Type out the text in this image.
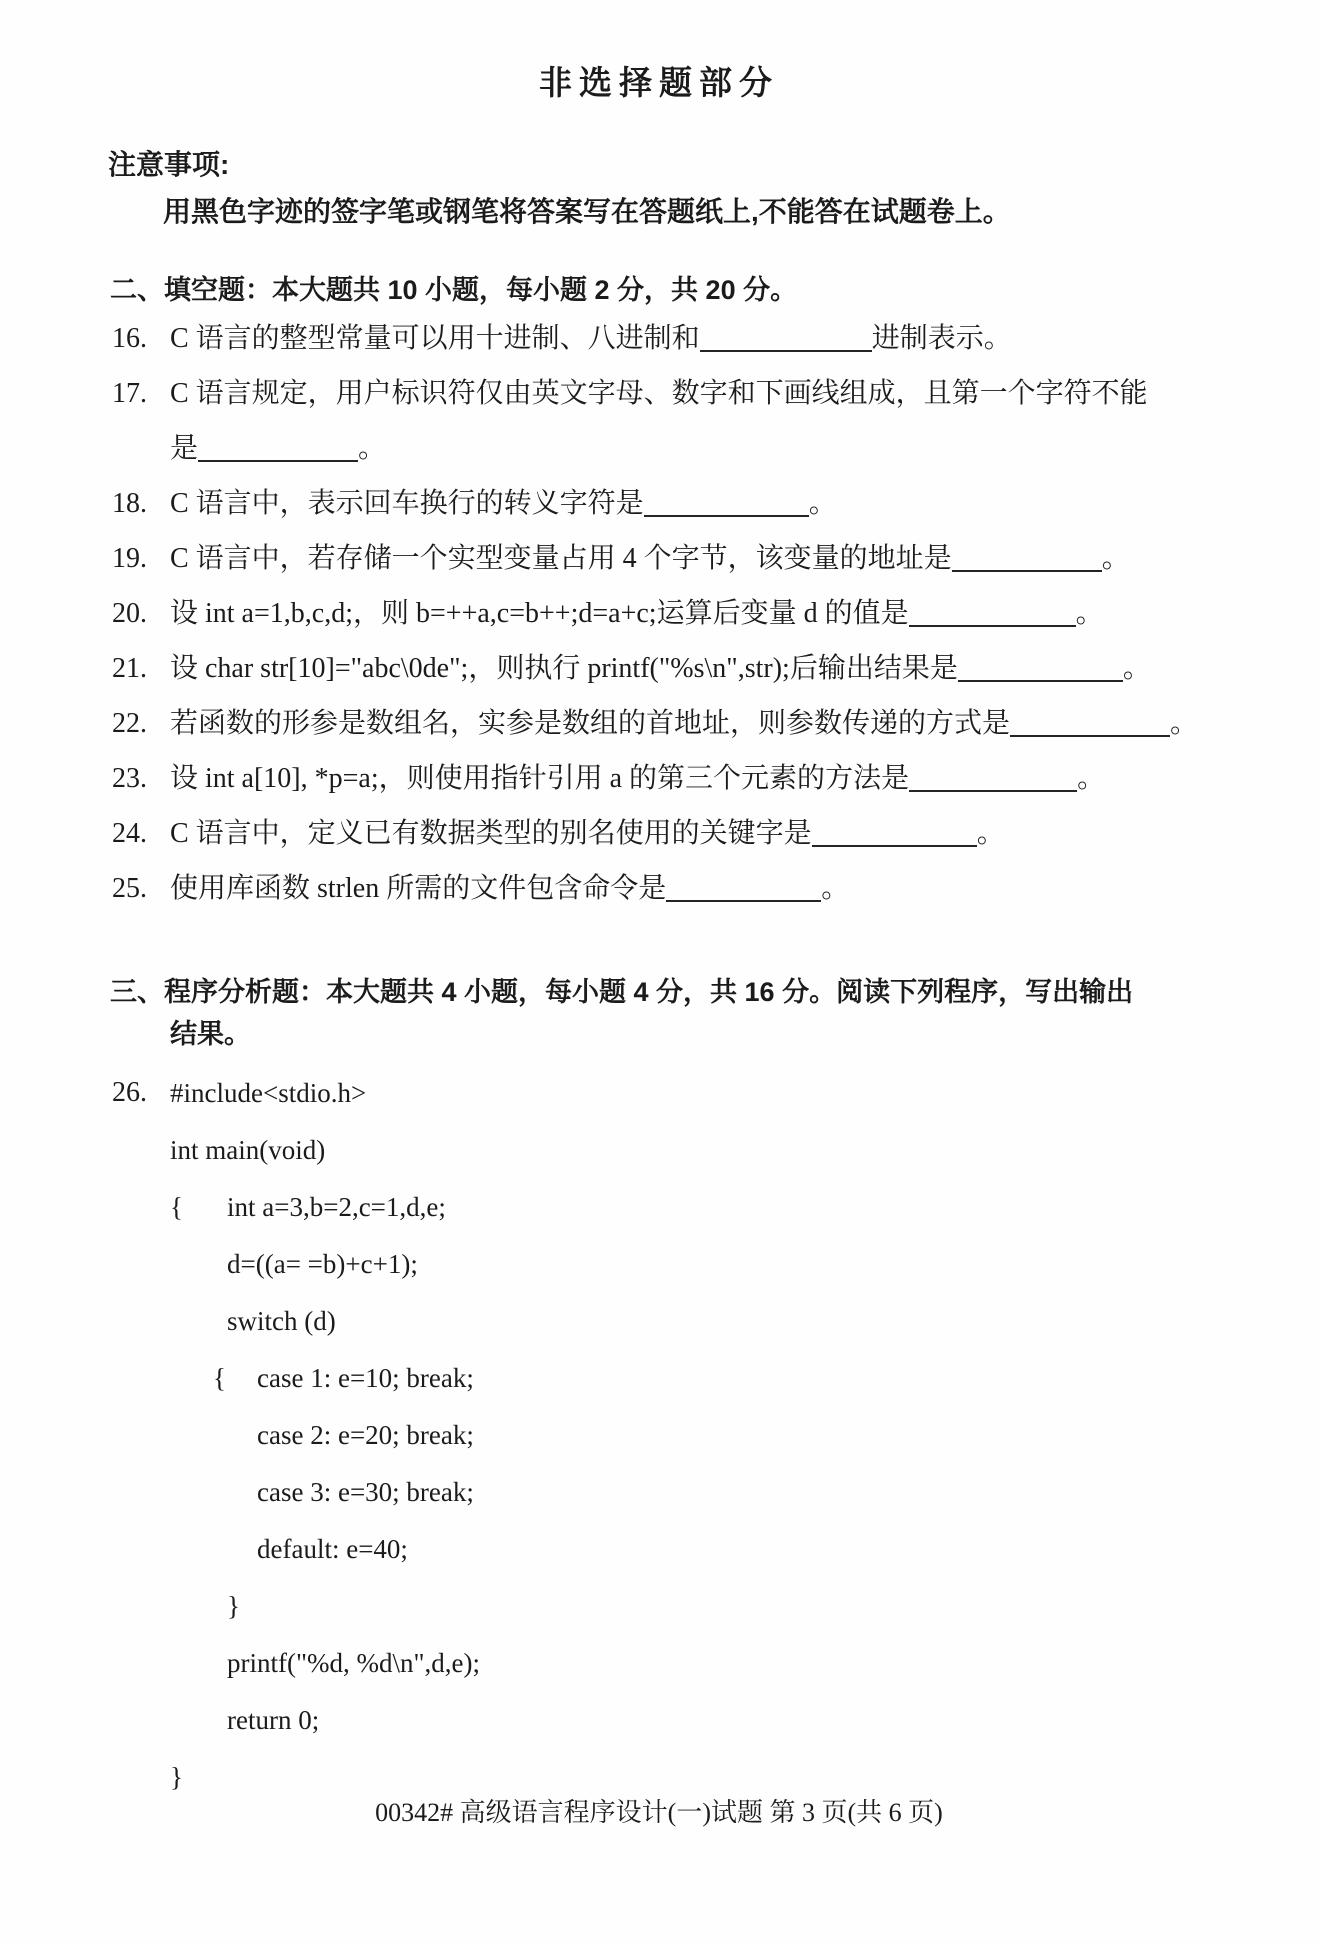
非选择题部分
注意事项:
用黑色字迹的签字笔或钢笔将答案写在答题纸上,不能答在试题卷上。
二、填空题：本大题共 10 小题，每小题 2 分，共 20 分。
16. C 语言的整型常量可以用十进制、八进制和	进制表示。
17. C 语言规定，用户标识符仅由英文字母、数字和下画线组成，且第一个字符不能
是	。
18. C 语言中，表示回车换行的转义字符是	。
19. C 语言中，若存储一个实型变量占用 4 个字节，该变量的地址是	。
20. 设 int a=1,b,c,d;，则 b=++a,c=b++;d=a+c;运算后变量 d 的值是	。
21. 设 char str[10]="abc\0de";，则执行 printf("%s\n",str);后输出结果是	。
22. 若函数的形参是数组名，实参是数组的首地址，则参数传递的方式是	。
23. 设 int a[10], *p=a;，则使用指针引用 a 的第三个元素的方法是	。
24. C 语言中，定义已有数据类型的别名使用的关键字是	。
25. 使用库函数 strlen 所需的文件包含命令是	。
三、程序分析题：本大题共 4 小题，每小题 4 分，共 16 分。阅读下列程序，写出输出
结果。
26. #include<stdio.h>
int main(void)
{ int a=3,b=2,c=1,d,e;
d=((a= =b)+c+1);
switch (d)
{ case 1: e=10; break;
case 2: e=20; break;
case 3: e=30; break;
default: e=40;
}
printf("%d, %d\n",d,e);
return 0;
}
00342# 高级语言程序设计(一)试题 第 3 页(共 6 页)
